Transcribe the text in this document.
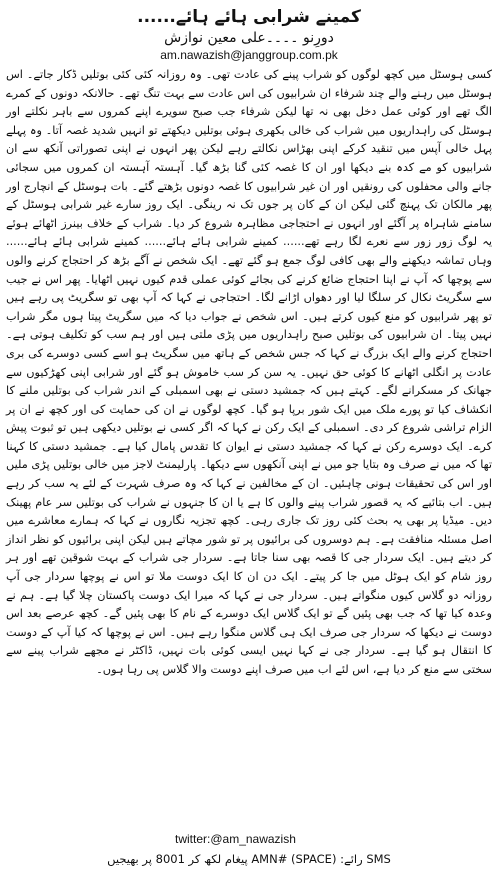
کمینے شرابی ہائے ہائے......
دورِنو ۔۔۔۔علی معین نوازش
am.nawazish@janggroup.com.pk

کسی ہوسٹل میں کچھ لوگوں کو شراب پینے کی عادت تھی۔ وہ روزانہ کئی کئی بوتلیں ڈکار جاتے۔ اس ہوسٹل میں رہنے والے چند شرفاء ان شرابیوں کی اس عادت سے بہت تنگ تھے۔ حالانکہ دونوں کے کمرے الگ تھے اور کوئی عمل دخل بھی نہ تھا لیکن شرفاء جب صبح سویرے اپنے کمروں سے باہر نکلتے اور ہوسٹل کی راہداریوں میں شراب کی خالی بکھری ہوئی بوتلیں دیکھتے تو انہیں شدید غصہ آتا۔ وہ پہلے پہل خالی آپس میں تنقید کرکے اپنی بھڑاس نکالتے رہے لیکن پھر انہوں نے اپنی تصوراتی آنکھ سے ان شرابیوں کو مے کدہ بنے دیکھا اور ان کا غصہ کئی گنا بڑھ گیا۔ آہستہ آہستہ ان کمروں میں سجائی جانے والی محفلوں کی رونقیں اور ان غیر شرابیوں کا غصہ دونوں بڑھتے گئے۔ بات ہوسٹل کے انچارج اور پھر مالکان تک پہنچ گئی لیکن ان کے کان پر جوں تک نہ رینگی۔ ایک روز سارے غیر شرابی ہوسٹل کے سامنے شاہراہ پر آگئے اور انہوں نے احتجاجی مظاہرہ شروع کر دیا۔ شراب کے خلاف بینرز اٹھائے ہوئے یہ لوگ زور زور سے نعرے لگا رہے تھے...... کمینے شرابی ہائے ہائے...... کمینے شرابی ہائے ہائے...... وہاں تماشہ دیکھنے والے بھی کافی لوگ جمع ہو گئے تھے۔ ایک شخص نے آگے بڑھ کر احتجاج کرنے والوں سے پوچھا کہ آپ نے اپنا احتجاج ضائع کرنے کی بجائے کوئی عملی قدم کیوں نہیں اٹھایا۔ پھر اس نے جیب سے سگریٹ نکال کر سلگا لیا اور دھواں اڑانے لگا۔ احتجاجی نے کہا کہ آپ بھی تو سگریٹ پی رہے ہیں تو پھر شرابیوں کو منع کیوں کرتے ہیں۔ اس شخص نے جواب دیا کہ میں سگریٹ پیتا ہوں مگر شراب نہیں پیتا۔ ان شرابیوں کی بوتلیں صبح راہداریوں میں پڑی ملتی ہیں اور ہم سب کو تکلیف ہوتی ہے۔ احتجاج کرنے والے ایک بزرگ نے کہا کہ جس شخص کے ہاتھ میں سگریٹ ہو اسے کسی دوسرے کی بری عادت پر انگلی اٹھانے کا کوئی حق نہیں۔ یہ سن کر سب خاموش ہو گئے اور شرابی اپنی کھڑکیوں سے جھانک کر مسکرانے لگے۔ کہتے ہیں کہ جمشید دستی نے بھی اسمبلی کے اندر شراب کی بوتلیں ملنے کا انکشاف کیا تو پورے ملک میں ایک شور برپا ہو گیا۔ کچھ لوگوں نے ان کی حمایت کی اور کچھ نے ان پر الزام تراشی شروع کر دی۔ اسمبلی کے ایک رکن نے کہا کہ اگر کسی نے بوتلیں دیکھی ہیں تو ثبوت پیش کرے۔ ایک دوسرے رکن نے کہا کہ جمشید دستی نے ایوان کا تقدس پامال کیا ہے۔ جمشید دستی کا کہنا تھا کہ میں نے صرف وہ بتایا جو میں نے اپنی آنکھوں سے دیکھا۔ پارلیمنٹ لاجز میں خالی بوتلیں پڑی ملیں اور اس کی تحقیقات ہونی چاہئیں۔ ان کے مخالفین نے کہا کہ وہ صرف شہرت کے لئے یہ سب کر رہے ہیں۔ اب بتائیے کہ یہ قصور شراب پینے والوں کا ہے یا ان کا جنہوں نے شراب کی بوتلیں سر عام پھینک دیں۔ میڈیا پر بھی یہ بحث کئی روز تک جاری رہی۔ کچھ تجزیہ نگاروں نے کہا کہ ہمارے معاشرے میں اصل مسئلہ منافقت ہے۔ ہم دوسروں کی برائیوں پر تو شور مچاتے ہیں لیکن اپنی برائیوں کو نظر انداز کر دیتے ہیں۔ ایک سردار جی کا قصہ بھی سنا جاتا ہے۔ سردار جی شراب کے بہت شوقین تھے اور ہر روز شام کو ایک ہوٹل میں جا کر پیتے۔ ایک دن ان کا ایک دوست ملا تو اس نے پوچھا سردار جی آپ روزانہ دو گلاس کیوں منگواتے ہیں۔ سردار جی نے کہا کہ میرا ایک دوست پاکستان چلا گیا ہے۔ ہم نے وعدہ کیا تھا کہ جب بھی پئیں گے تو ایک گلاس ایک دوسرے کے نام کا بھی پئیں گے۔ کچھ عرصے بعد اس دوست نے دیکھا کہ سردار جی صرف ایک ہی گلاس منگوا رہے ہیں۔ اس نے پوچھا کہ کیا آپ کے دوست کا انتقال ہو گیا ہے۔ سردار جی نے کہا نہیں ایسی کوئی بات نہیں، ڈاکٹر نے مجھے شراب پینے سے سختی سے منع کر دیا ہے، اس لئے اب میں صرف اپنے دوست والا گلاس پی رہا ہوں۔

twitter:@am_nawazish
SMS رائے: AMN# (SPACE) پیغام لکھ کر 8001 پر بھیجیں
